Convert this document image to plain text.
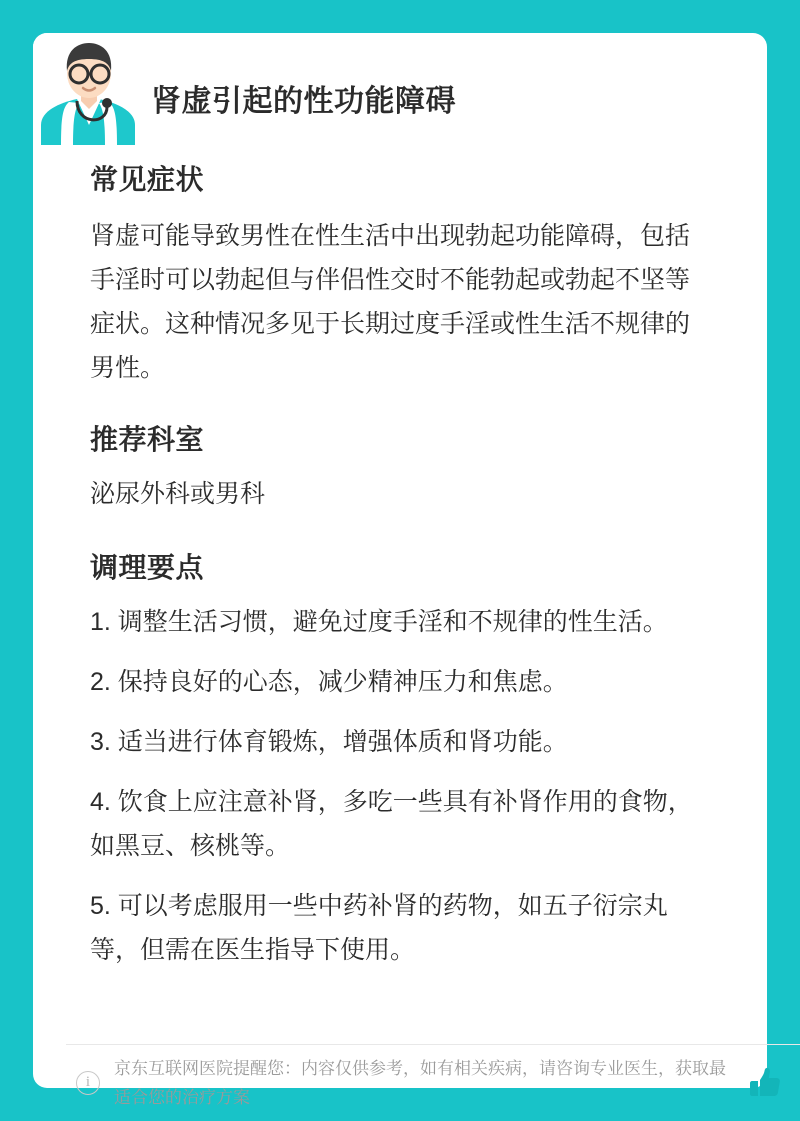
肾虚引起的性功能障碍
常见症状

肾虚可能导致男性在性生活中出现勃起功能障碍，包括手淫时可以勃起但与伴侣性交时不能勃起或勃起不坚等症状。这种情况多见于长期过度手淫或性生活不规律的男性。

推荐科室

泌尿外科或男科

调理要点

1. 调整生活习惯，避免过度手淫和不规律的性生活。

2. 保持良好的心态，减少精神压力和焦虑。

3. 适当进行体育锻炼，增强体质和肾功能。

4. 饮食上应注意补肾，多吃一些具有补肾作用的食物，如黑豆、核桃等。

5. 可以考虑服用一些中药补肾的药物，如五子衍宗丸等，但需在医生指导下使用。

i
京东互联网医院提醒您：内容仅供参考，如有相关疾病，请咨询专业医生，获取最适合您的治疗方案
